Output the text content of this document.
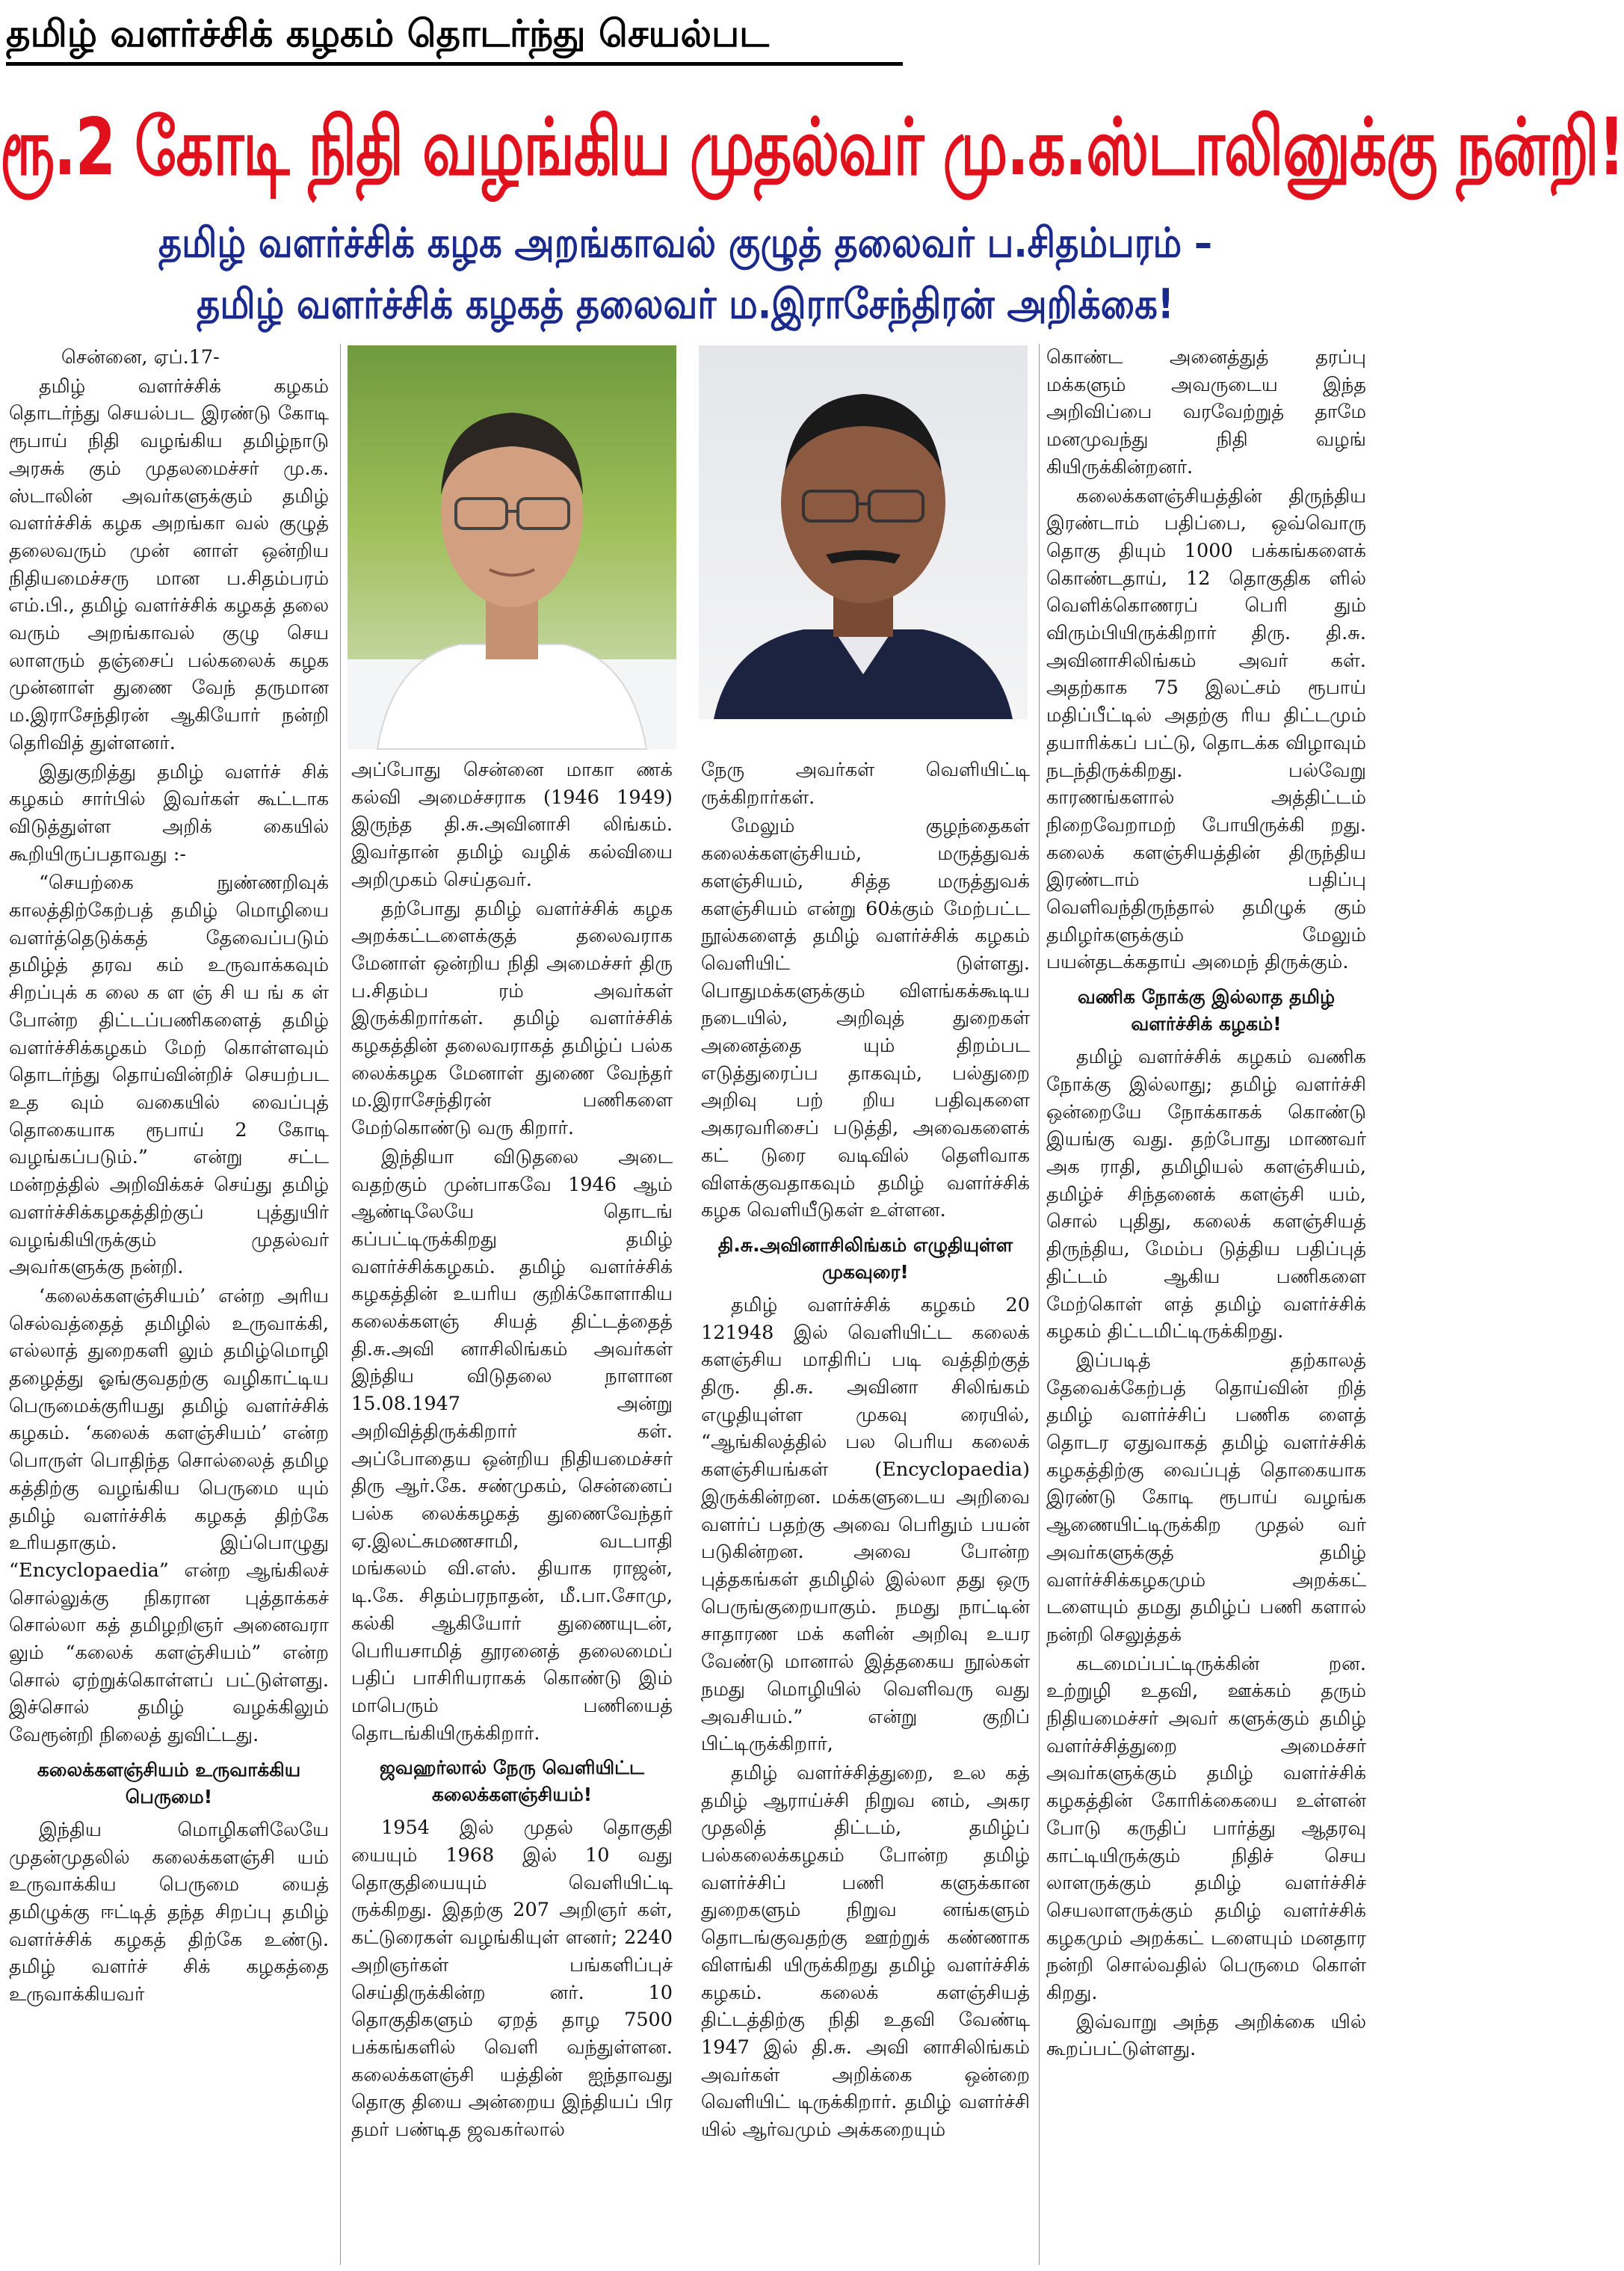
தமிழ் வளர்ச்சிக் கழகம் தொடர்ந்து செயல்பட
ரூ.2 கோடி நிதி வழங்கிய முதல்வர் மு.க.ஸ்டாலினுக்கு நன்றி!
தமிழ் வளர்ச்சிக் கழக அறங்காவல் குழுத் தலைவர் ப.சிதம்பரம் –
தமிழ் வளர்ச்சிக் கழகத் தலைவர் ம.இராசேந்திரன் அறிக்கை!

சென்னை, ஏப்.17-

தமிழ் வளர்ச்சிக் கழகம் தொடர்ந்து செயல்பட இரண்டு கோடி ரூபாய் நிதி வழங்கிய தமிழ்நாடு அரசுக் கும் முதலமைச்சர் மு.க. ஸ்டாலின் அவர்களுக்கும் தமிழ் வளர்ச்சிக் கழக அறங்கா வல் குழுத் தலைவரும் முன் னாள் ஒன்றிய நிதியமைச்சரு மான ப.சிதம்பரம் எம்.பி., தமிழ் வளர்ச்சிக் கழகத் தலை வரும் அறங்காவல் குழு செய லாளரும் தஞ்சைப் பல்கலைக் கழக முன்னாள் துணை வேந் தருமான ம.இராசேந்திரன் ஆகியோர் நன்றி தெரிவித் துள்ளனர்.

இதுகுறித்து தமிழ் வளர்ச் சிக் கழகம் சார்பில் இவர்கள் கூட்டாக விடுத்துள்ள அறிக் கையில் கூறியிருப்பதாவது :-

“செயற்கை நுண்ணறிவுக் காலத்திற்கேற்பத் தமிழ் மொழியை வளர்த்தெடுக்கத் தேவைப்படும் தமிழ்த் தரவ கம் உருவாக்கவும் சிறப்புக் க லை க ள ஞ் சி ய ங் க ள் போன்ற திட்டப்பணிகளைத் தமிழ் வளர்ச்சிக்கழகம் மேற் கொள்ளவும் தொடர்ந்து தொய்வின்றிச் செயற்பட உத வும் வகையில் வைப்புத் தொகையாக ரூபாய் 2 கோடி வழங்கப்படும்.” என்று சட்ட மன்றத்தில் அறிவிக்கச் செய்து தமிழ் வளர்ச்சிக்கழகத்திற்குப் புத்துயிர் வழங்கியிருக்கும் முதல்வர் அவர்களுக்கு நன்றி.

‘கலைக்களஞ்சியம்’ என்ற அரிய செல்வத்தைத் தமிழில் உருவாக்கி, எல்லாத் துறைகளி லும் தமிழ்மொழி தழைத்து ஓங்குவதற்கு வழிகாட்டிய பெருமைக்குரியது தமிழ் வளர்ச்சிக் கழகம். ‘கலைக் களஞ்சியம்’ என்ற பொருள் பொதிந்த சொல்லைத் தமிழ கத்திற்கு வழங்கிய பெருமை யும் தமிழ் வளர்ச்சிக் கழகத் திற்கே உரியதாகும். இப்பொழுது “Encyclopaedia” என்ற ஆங்கிலச் சொல்லுக்கு நிகரான புத்தாக்கச் சொல்லா கத் தமிழறிஞர் அனைவரா லும் “கலைக் களஞ்சியம்” என்ற சொல் ஏற்றுக்கொள்ளப் பட்டுள்ளது. இச்சொல் தமிழ் வழக்கிலும் வேரூன்றி நிலைத் துவிட்டது.

கலைக்களஞ்சியம் உருவாக்கிய பெருமை!

இந்திய மொழிகளிலேயே முதன்முதலில் கலைக்களஞ்சி யம் உருவாக்கிய பெருமை யைத் தமிழுக்கு ஈட்டித் தந்த சிறப்பு தமிழ் வளர்ச்சிக் கழகத் திற்கே உண்டு. தமிழ் வளர்ச் சிக் கழகத்தை உருவாக்கியவர்

அப்போது சென்னை மாகா ணக் கல்வி அமைச்சராக (1946 1949) இருந்த தி.சு.அவினாசி லிங்கம். இவர்தான் தமிழ் வழிக் கல்வியை அறிமுகம் செய்தவர்.

தற்போது தமிழ் வளர்ச்சிக் கழக அறக்கட்டளைக்குத் தலைவராக மேனாள் ஒன்றிய நிதி அமைச்சர் திரு ப.சிதம்ப ரம் அவர்கள் இருக்கிறார்கள். தமிழ் வளர்ச்சிக் கழகத்தின் தலைவராகத் தமிழ்ப் பல்க லைக்கழக மேனாள் துணை வேந்தர் ம.இராசேந்திரன் பணிகளை மேற்கொண்டு வரு கிறார்.

இந்தியா விடுதலை அடை வதற்கும் முன்பாகவே 1946 ஆம் ஆண்டிலேயே தொடங் கப்பட்டிருக்கிறது தமிழ் வளர்ச்சிக்கழகம். தமிழ் வளர்ச்சிக் கழகத்தின் உயரிய குறிக்கோளாகிய கலைக்களஞ் சியத் திட்டத்தைத் தி.சு.அவி னாசிலிங்கம் அவர்கள் இந்திய விடுதலை நாளான 15.08.1947 அன்று அறிவித்திருக்கிறார் கள். அப்போதைய ஒன்றிய நிதியமைச்சர் திரு ஆர்.கே. சண்முகம், சென்னைப் பல்க லைக்கழகத் துணைவேந்தர் ஏ.இலட்சுமணசாமி, வடபாதி மங்கலம் வி.எஸ். தியாக ராஜன், டி.கே. சிதம்பரநாதன், மீ.பா.சோமு, கல்கி ஆகியோர் துணையுடன், பெரியசாமித் தூரனைத் தலைமைப் பதிப் பாசிரியராகக் கொண்டு இம் மாபெரும் பணியைத் தொடங்கியிருக்கிறார்.

ஜவஹர்லால் நேரு வெளியிட்ட கலைக்களஞ்சியம்!

1954 இல் முதல் தொகுதி யையும் 1968 இல் 10 வது தொகுதியையும் வெளியிட்டி ருக்கிறது. இதற்கு 207 அறிஞர் கள், கட்டுரைகள் வழங்கியுள் ளனர்; 2240 அறிஞர்கள் பங்களிப்புச் செய்திருக்கின்ற னர். 10 தொகுதிகளும் ஏறத் தாழ 7500 பக்கங்களில் வெளி வந்துள்ளன. கலைக்களஞ்சி யத்தின் ஐந்தாவது தொகு தியை அன்றைய இந்தியப் பிர தமர் பண்டித ஜவகர்லால்

நேரு அவர்கள் வெளியிட்டி ருக்கிறார்கள்.

மேலும் குழந்தைகள் கலைக்களஞ்சியம், மருத்துவக் களஞ்சியம், சித்த மருத்துவக் களஞ்சியம் என்று 60க்கும் மேற்பட்ட நூல்களைத் தமிழ் வளர்ச்சிக் கழகம் வெளியிட் டுள்ளது. பொதுமக்களுக்கும் விளங்கக்கூடிய நடையில், அறிவுத் துறைகள் அனைத்தை யும் திறம்பட எடுத்துரைப்ப தாகவும், பல்துறை அறிவு பற் றிய பதிவுகளை அகரவரிசைப் படுத்தி, அவைகளைக் கட் டுரை வடிவில் தெளிவாக விளக்குவதாகவும் தமிழ் வளர்ச்சிக் கழக வெளியீடுகள் உள்ளன.

தி.சு.அவினாசிலிங்கம் எழுதியுள்ள முகவுரை!

தமிழ் வளர்ச்சிக் கழகம் 20 121948 இல் வெளியிட்ட கலைக் களஞ்சிய மாதிரிப் படி வத்திற்குத் திரு. தி.சு. அவினா சிலிங்கம் எழுதியுள்ள முகவு ரையில், “ஆங்கிலத்தில் பல பெரிய கலைக் களஞ்சியங்கள் (Encyclopaedia) இருக்கின்றன. மக்களுடைய அறிவை வளர்ப் பதற்கு அவை பெரிதும் பயன் படுகின்றன. அவை போன்ற புத்தகங்கள் தமிழில் இல்லா தது ஒரு பெருங்குறையாகும். நமது நாட்டின் சாதாரண மக் களின் அறிவு உயர வேண்டு மானால் இத்தகைய நூல்கள் நமது மொழியில் வெளிவரு வது அவசியம்.” என்று குறிப் பிட்டிருக்கிறார்,

தமிழ் வளர்ச்சித்துறை, உல கத் தமிழ் ஆராய்ச்சி நிறுவ னம், அகர முதலித் திட்டம், தமிழ்ப் பல்கலைக்கழகம் போன்ற தமிழ் வளர்ச்சிப் பணி களுக்கான துறைகளும் நிறுவ னங்களும் தொடங்குவதற்கு ஊற்றுக் கண்ணாக விளங்கி யிருக்கிறது தமிழ் வளர்ச்சிக் கழகம். கலைக் களஞ்சியத் திட்டத்திற்கு நிதி உதவி வேண்டி 1947 இல் தி.சு. அவி னாசிலிங்கம் அவர்கள் அறிக்கை ஒன்றை வெளியிட் டிருக்கிறார். தமிழ் வளர்ச்சி யில் ஆர்வமும் அக்கறையும்

கொண்ட அனைத்துத் தரப்பு மக்களும் அவருடைய இந்த அறிவிப்பை வரவேற்றுத் தாமே மனமுவந்து நிதி வழங் கியிருக்கின்றனர்.

கலைக்களஞ்சியத்தின் திருந்திய இரண்டாம் பதிப்பை, ஒவ்வொரு தொகு தியும் 1000 பக்கங்களைக் கொண்டதாய், 12 தொகுதிக ளில் வெளிக்கொணரப் பெரி தும் விரும்பியிருக்கிறார் திரு. தி.சு. அவினாசிலிங்கம் அவர் கள். அதற்காக 75 இலட்சம் ரூபாய் மதிப்பீட்டில் அதற்கு ரிய திட்டமும் தயாரிக்கப் பட்டு, தொடக்க விழாவும் நடந்திருக்கிறது. பல்வேறு காரணங்களால் அத்திட்டம் நிறைவேறாமற் போயிருக்கி றது. கலைக் களஞ்சியத்தின் திருந்திய இரண்டாம் பதிப்பு வெளிவந்திருந்தால் தமிழுக் கும் தமிழர்களுக்கும் மேலும் பயன்தடக்கதாய் அமைந் திருக்கும்.

வணிக நோக்கு இல்லாத தமிழ் வளர்ச்சிக் கழகம்!

தமிழ் வளர்ச்சிக் கழகம் வணிக நோக்கு இல்லாது; தமிழ் வளர்ச்சி ஒன்றையே நோக்காகக் கொண்டு இயங்கு வது. தற்போது மாணவர் அக ராதி, தமிழியல் களஞ்சியம், தமிழ்ச் சிந்தனைக் களஞ்சி யம், சொல் புதிது, கலைக் களஞ்சியத் திருந்திய, மேம்ப டுத்திய பதிப்புத் திட்டம் ஆகிய பணிகளை மேற்கொள் ளத் தமிழ் வளர்ச்சிக் கழகம் திட்டமிட்டிருக்கிறது.

இப்படித் தற்காலத் தேவைக்கேற்பத் தொய்வின் றித் தமிழ் வளர்ச்சிப் பணிக ளைத் தொடர ஏதுவாகத் தமிழ் வளர்ச்சிக் கழகத்திற்கு வைப்புத் தொகையாக இரண்டு கோடி ரூபாய் வழங்க ஆணையிட்டிருக்கிற முதல் வர் அவர்களுக்குத் தமிழ் வளர்ச்சிக்கழகமும் அறக்கட் டளையும் தமது தமிழ்ப் பணி களால் நன்றி செலுத்தக்

கடமைப்பட்டிருக்கின் றன. உற்றுழி உதவி, ஊக்கம் தரும் நிதியமைச்சர் அவர் களுக்கும் தமிழ் வளர்ச்சித்துறை அமைச்சர் அவர்களுக்கும் தமிழ் வளர்ச்சிக் கழகத்தின் கோரிக்கையை உள்ளன் போடு கருதிப் பார்த்து ஆதரவு காட்டியிருக்கும் நிதிச் செய லாளருக்கும் தமிழ் வளர்ச்சிச் செயலாளருக்கும் தமிழ் வளர்ச்சிக் கழகமும் அறக்கட் டளையும் மனதார நன்றி சொல்வதில் பெருமை கொள் கிறது.

இவ்வாறு அந்த அறிக்கை யில் கூறப்பட்டுள்ளது.
